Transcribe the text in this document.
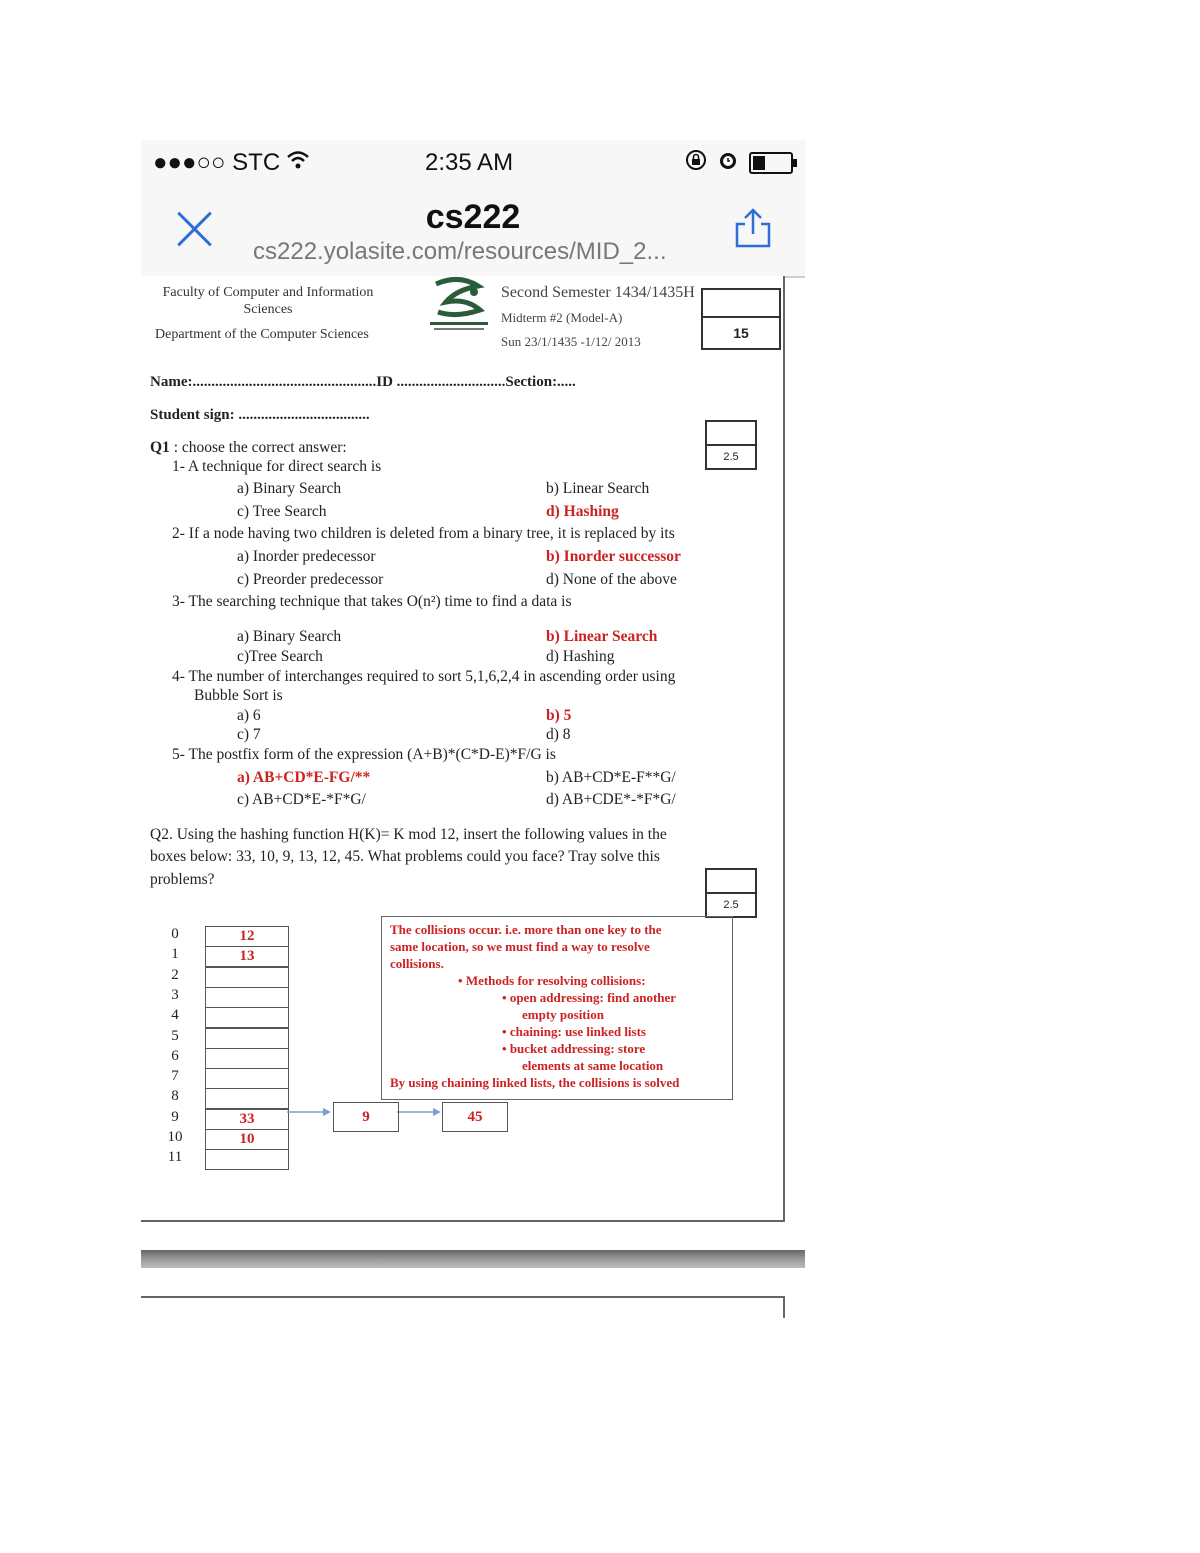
●●●○○ STC	2:35 AM
cs222
cs222.yolasite.com/resources/MID_2...
Faculty of Computer and Information Sciences
Department of the Computer Sciences
Second Semester 1434/1435H
Midterm #2 (Model-A)
Sun 23/1/1435 -1/12/ 2013
15
Name:.................................................ID .............................Section:.....
Student sign: ...................................
Q1 : choose the correct answer:
2.5
1- A technique for direct search is
a) Binary Search	b) Linear Search
c) Tree Search	d) Hashing
2- If a node having two children is deleted from a binary tree, it is replaced by its
a) Inorder predecessor	b) Inorder successor
c) Preorder predecessor	d) None of the above
3- The searching technique that takes O(n²) time to find a data is
a) Binary Search	b) Linear Search
c)Tree Search	d) Hashing
4- The number of interchanges required to sort 5,1,6,2,4 in ascending order using
Bubble Sort is
a) 6	b) 5
c) 7	d) 8
5- The postfix form of the expression (A+B)*(C*D-E)*F/G is
a) AB+CD*E-FG/**	b) AB+CD*E-F**G/
c) AB+CD*E-*F*G/	d) AB+CDE*-*F*G/
Q2. Using the hashing function H(K)= K mod 12, insert the following values in the
boxes below: 33, 10, 9, 13, 12, 45. What problems could you face? Tray solve this
problems?
2.5
0	12
1	13
2
3
4
5
6
7
8
9	33
10	10
11
9	45
The collisions occur. i.e. more than one key to the
same location, so we must find a way to resolve
collisions.
• Methods for resolving collisions:
• open addressing: find another
empty position
• chaining: use linked lists
• bucket addressing: store
elements at same location
By using chaining linked lists, the collisions is solved
